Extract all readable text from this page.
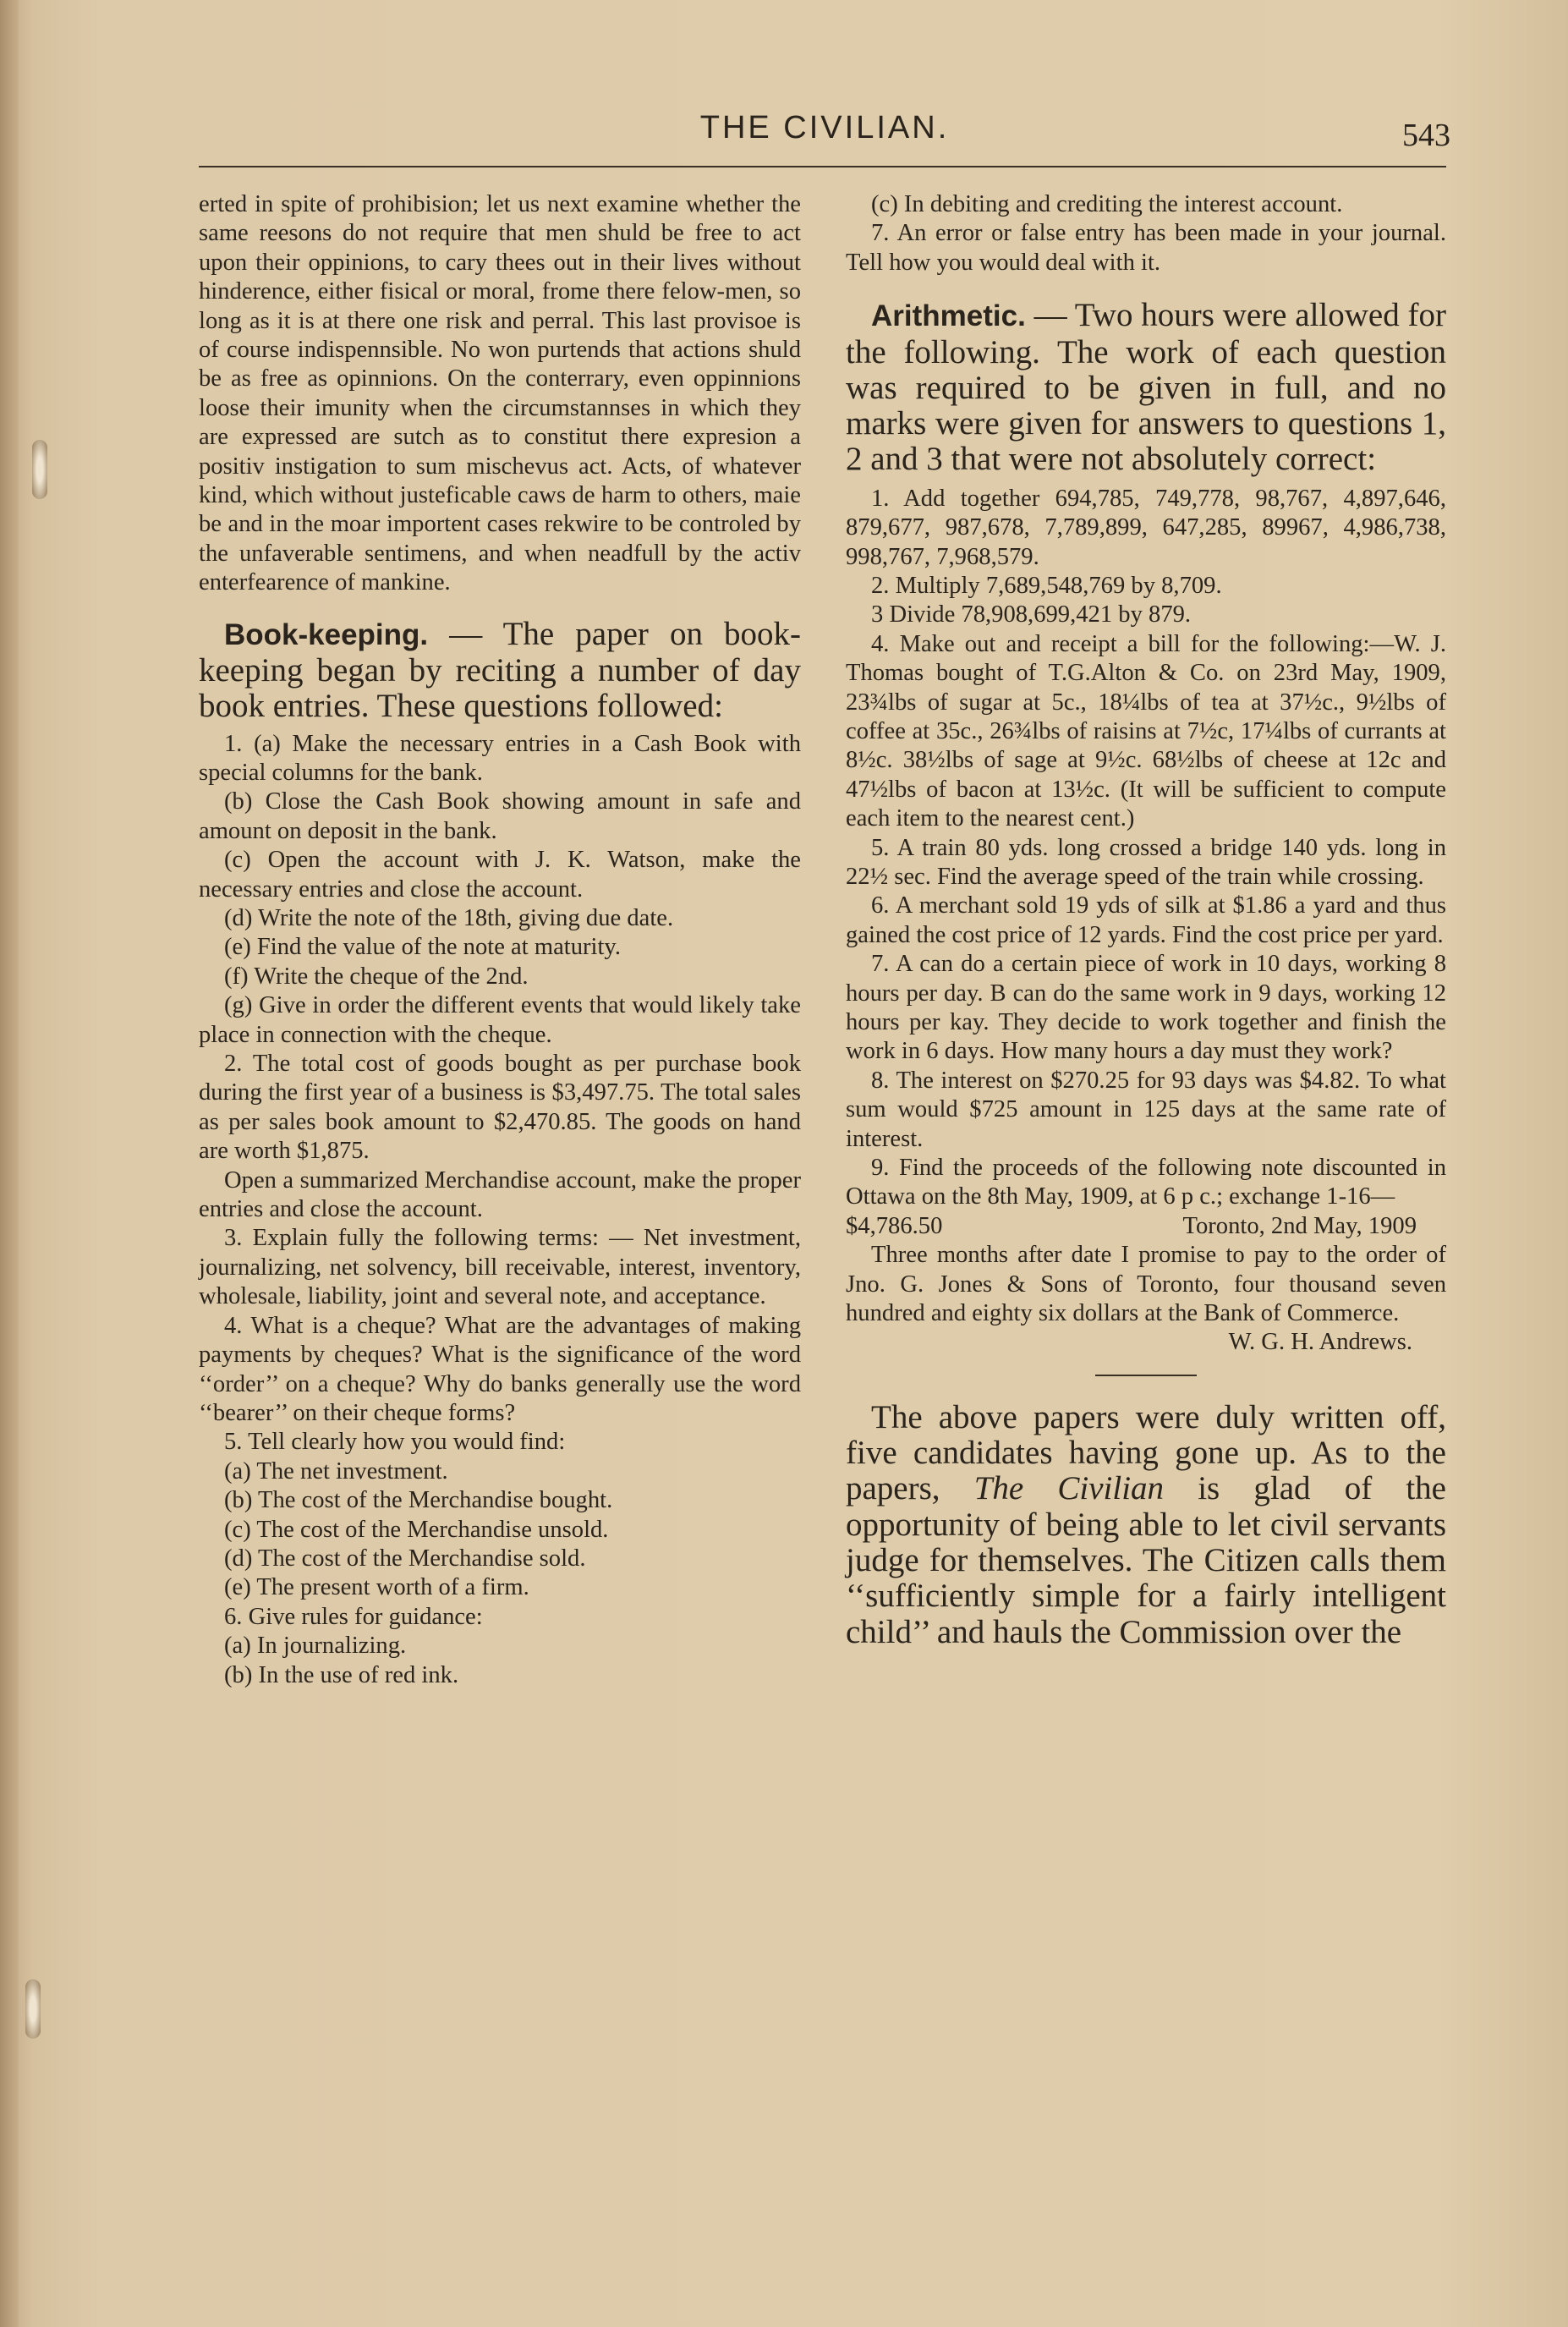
THE CIVILIAN.	543

erted in spite of prohibision; let us next examine whether the same reesons do not require that men shuld be free to act upon their oppinions, to cary thees out in their lives without hinderence, either fisical or moral, frome there felow-men, so long as it is at there one risk and perral. This last provisoe is of course indispennsible. No won purtends that actions shuld be as free as opinnions. On the conterrary, even oppinnions loose their imunity when the circumstannses in which they are expressed are sutch as to constitut there expresion a positiv instigation to sum mischevus act. Acts, of whatever kind, which without justeficable caws de harm to others, maie be and in the moar importent cases rekwire to be controled by the unfaverable sentimens, and when neadfull by the activ enterfearence of mankine.

Book-keeping. — The paper on book-keeping began by reciting a number of day book entries. These questions followed:

1. (a) Make the necessary entries in a Cash Book with special columns for the bank.

(b) Close the Cash Book showing amount in safe and amount on deposit in the bank.

(c) Open the account with J. K. Watson, make the necessary entries and close the account.

(d) Write the note of the 18th, giving due date.

(e) Find the value of the note at maturity.

(f) Write the cheque of the 2nd.

(g) Give in order the different events that would likely take place in connection with the cheque.

2. The total cost of goods bought as per purchase book during the first year of a business is $3,497.75. The total sales as per sales book amount to $2,470.85. The goods on hand are worth $1,875.

Open a summarized Merchandise account, make the proper entries and close the account.

3. Explain fully the following terms: — Net investment, journalizing, net solvency, bill receivable, interest, inventory, wholesale, liability, joint and several note, and acceptance.

4. What is a cheque? What are the advantages of making payments by cheques? What is the significance of the word ‘‘order’’ on a cheque? Why do banks generally use the word ‘‘bearer’’ on their cheque forms?

5. Tell clearly how you would find:

(a) The net investment.

(b) The cost of the Merchandise bought.

(c) The cost of the Merchandise unsold.

(d) The cost of the Merchandise sold.

(e) The present worth of a firm.

6. Give rules for guidance:

(a) In journalizing.

(b) In the use of red ink.

(c) In debiting and crediting the interest account.

7. An error or false entry has been made in your journal. Tell how you would deal with it.

Arithmetic. — Two hours were allowed for the following. The work of each question was required to be given in full, and no marks were given for answers to questions 1, 2 and 3 that were not absolutely correct:

1. Add together 694,785, 749,778, 98,767, 4,897,646, 879,677, 987,678, 7,789,899, 647,285, 89967, 4,986,738, 998,767, 7,968,579.

2. Multiply 7,689,548,769 by 8,709.

3 Divide 78,908,699,421 by 879.

4. Make out and receipt a bill for the following:—W. J. Thomas bought of T.G.Alton & Co. on 23rd May, 1909, 23¾lbs of sugar at 5c., 18¼lbs of tea at 37½c., 9½lbs of coffee at 35c., 26¾lbs of raisins at 7½c, 17¼lbs of currants at 8½c. 38½lbs of sage at 9½c. 68½lbs of cheese at 12c and 47½lbs of bacon at 13½c. (It will be sufficient to compute each item to the nearest cent.)

5. A train 80 yds. long crossed a bridge 140 yds. long in 22½ sec. Find the average speed of the train while crossing.

6. A merchant sold 19 yds of silk at $1.86 a yard and thus gained the cost price of 12 yards. Find the cost price per yard.

7. A can do a certain piece of work in 10 days, working 8 hours per day. B can do the same work in 9 days, working 12 hours per kay. They decide to work together and finish the work in 6 days. How many hours a day must they work?

8. The interest on $270.25 for 93 days was $4.82. To what sum would $725 amount in 125 days at the same rate of interest.

9. Find the proceeds of the following note discounted in Ottawa on the 8th May, 1909, at 6 p c.; exchange 1-16—

$4,786.50	Toronto, 2nd May, 1909

Three months after date I promise to pay to the order of Jno. G. Jones & Sons of Toronto, four thousand seven hundred and eighty six dollars at the Bank of Commerce.

W. G. H. Andrews.

The above papers were duly written off, five candidates having gone up. As to the papers, The Civilian is glad of the opportunity of being able to let civil servants judge for themselves. The Citizen calls them ‘‘sufficiently simple for a fairly intelligent child’’ and hauls the Commission over the
